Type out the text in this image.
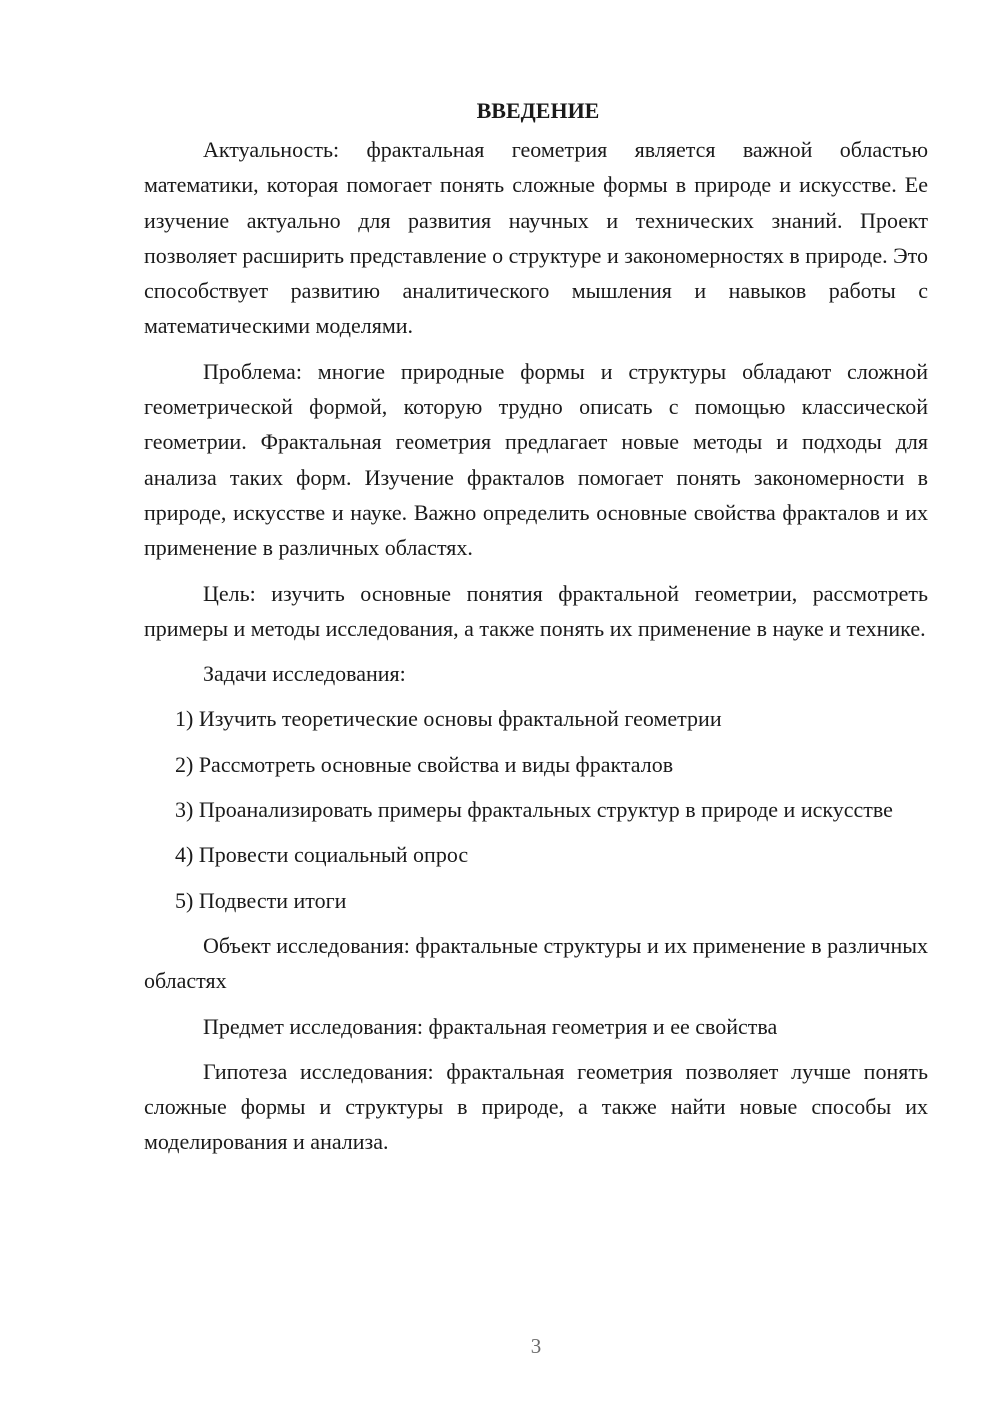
ВВЕДЕНИЕ

Актуальность: фрактальная геометрия является важной областью математики, которая помогает понять сложные формы в природе и искусстве. Ее изучение актуально для развития научных и технических знаний. Проект позволяет расширить представление о структуре и закономерностях в природе. Это способствует развитию аналитического мышления и навыков работы с математическими моделями.

Проблема: многие природные формы и структуры обладают сложной геометрической формой, которую трудно описать с помощью классической геометрии. Фрактальная геометрия предлагает новые методы и подходы для анализа таких форм. Изучение фракталов помогает понять закономерности в природе, искусстве и науке. Важно определить основные свойства фракталов и их применение в различных областях.

Цель: изучить основные понятия фрактальной геометрии, рассмотреть примеры и методы исследования, а также понять их применение в науке и технике.

Задачи исследования:

1) Изучить теоретические основы фрактальной геометрии

2) Рассмотреть основные свойства и виды фракталов

3) Проанализировать примеры фрактальных структур в природе и искусстве

4) Провести социальный опрос

5) Подвести итоги

Объект исследования: фрактальные структуры и их применение в различных областях

Предмет исследования: фрактальная геометрия и ее свойства

Гипотеза исследования: фрактальная геометрия позволяет лучше понять сложные формы и структуры в природе, а также найти новые способы их моделирования и анализа.

3
